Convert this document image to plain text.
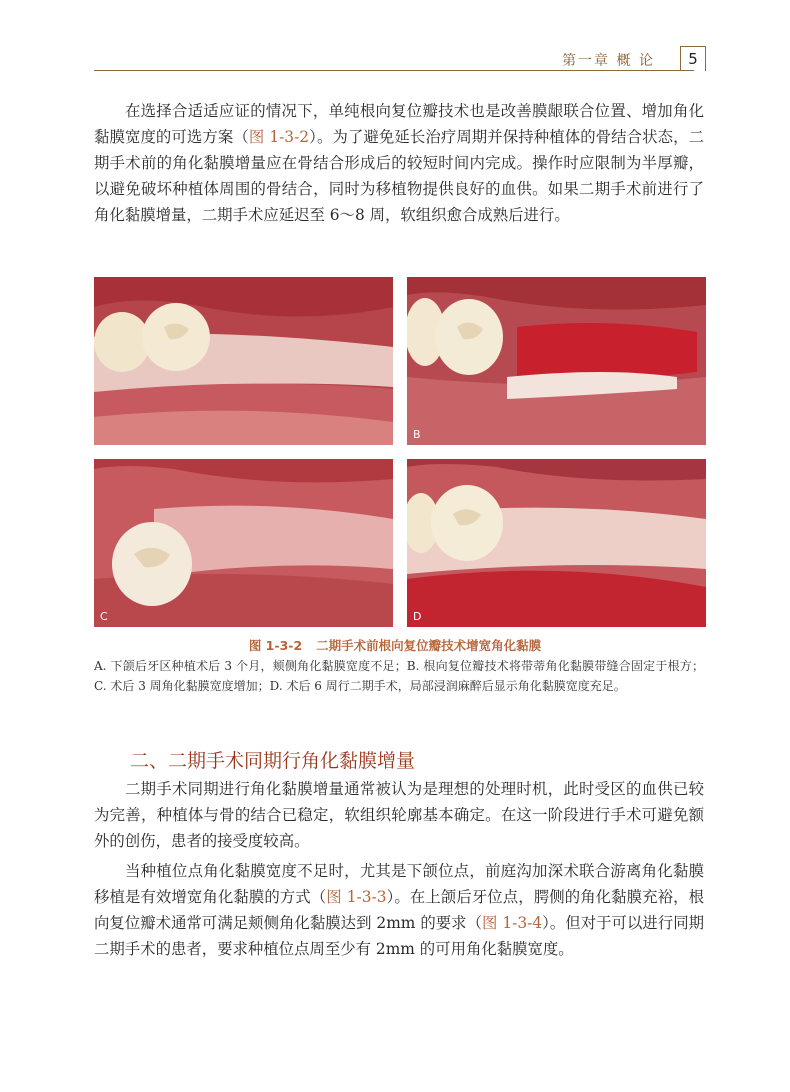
第一章 概 论	5

在选择合适适应证的情况下，单纯根向复位瓣技术也是改善膜龈联合位置、增加角化黏膜宽度的可选方案（图 1-3-2）。为了避免延长治疗周期并保持种植体的骨结合状态，二期手术前的角化黏膜增量应在骨结合形成后的较短时间内完成。操作时应限制为半厚瓣，以避免破坏种植体周围的骨结合，同时为移植物提供良好的血供。如果二期手术前进行了角化黏膜增量，二期手术应延迟至 6～8 周，软组织愈合成熟后进行。

B
C	D
图 1-3-2 二期手术前根向复位瓣技术增宽角化黏膜
A. 下颌后牙区种植术后 3 个月，颊侧角化黏膜宽度不足；B. 根向复位瓣技术将带蒂角化黏膜带缝合固定于根方；C. 术后 3 周角化黏膜宽度增加；D. 术后 6 周行二期手术，局部浸润麻醉后显示角化黏膜宽度充足。
二、二期手术同期行角化黏膜增量

二期手术同期进行角化黏膜增量通常被认为是理想的处理时机，此时受区的血供已较为完善，种植体与骨的结合已稳定，软组织轮廓基本确定。在这一阶段进行手术可避免额外的创伤，患者的接受度较高。

当种植位点角化黏膜宽度不足时，尤其是下颌位点，前庭沟加深术联合游离角化黏膜移植是有效增宽角化黏膜的方式（图 1-3-3）。在上颌后牙位点，腭侧的角化黏膜充裕，根向复位瓣术通常可满足颊侧角化黏膜达到 2mm 的要求（图 1-3-4）。但对于可以进行同期二期手术的患者，要求种植位点周至少有 2mm 的可用角化黏膜宽度。
